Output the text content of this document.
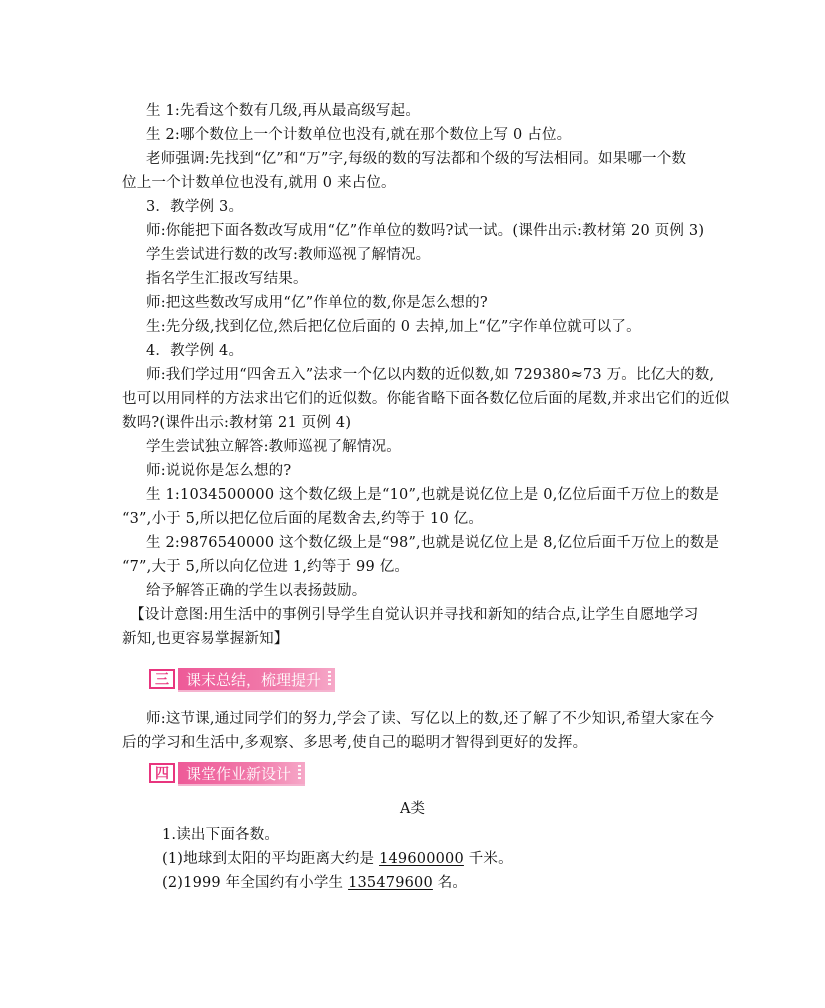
生 1:先看这个数有几级,再从最高级写起。
生 2:哪个数位上一个计数单位也没有,就在那个数位上写 0 占位。
老师强调:先找到“亿”和“万”字,每级的数的写法都和个级的写法相同。如果哪一个数
位上一个计数单位也没有,就用 0 来占位。
3．教学例 3。
师:你能把下面各数改写成用“亿”作单位的数吗?试一试。(课件出示:教材第 20 页例 3)
学生尝试进行数的改写:教师巡视了解情况。
指名学生汇报改写结果。
师:把这些数改写成用“亿”作单位的数,你是怎么想的?
生:先分级,找到亿位,然后把亿位后面的 0 去掉,加上“亿”字作单位就可以了。
4．教学例 4。
师:我们学过用“四舍五入”法求一个亿以内数的近似数,如 729380≈73 万。比亿大的数,
也可以用同样的方法求出它们的近似数。你能省略下面各数亿位后面的尾数,并求出它们的近似
数吗?(课件出示:教材第 21 页例 4)
学生尝试独立解答:教师巡视了解情况。
师:说说你是怎么想的?
生 1:1034500000 这个数亿级上是“10”,也就是说亿位上是 0,亿位后面千万位上的数是
“3”,小于 5,所以把亿位后面的尾数舍去,约等于 10 亿。
生 2:9876540000 这个数亿级上是“98”,也就是说亿位上是 8,亿位后面千万位上的数是
“7”,大于 5,所以向亿位进 1,约等于 99 亿。
给予解答正确的学生以表扬鼓励。
【设计意图:用生活中的事例引导学生自觉认识并寻找和新知的结合点,让学生自愿地学习
新知,也更容易掌握新知】
三	课末总结，梳理提升
师:这节课,通过同学们的努力,学会了读、写亿以上的数,还了解了不少知识,希望大家在今
后的学习和生活中,多观察、多思考,使自己的聪明才智得到更好的发挥。
四	课堂作业新设计
A类
1.读出下面各数。
(1)地球到太阳的平均距离大约是 149600000 千米。
(2)1999 年全国约有小学生 135479600 名。
